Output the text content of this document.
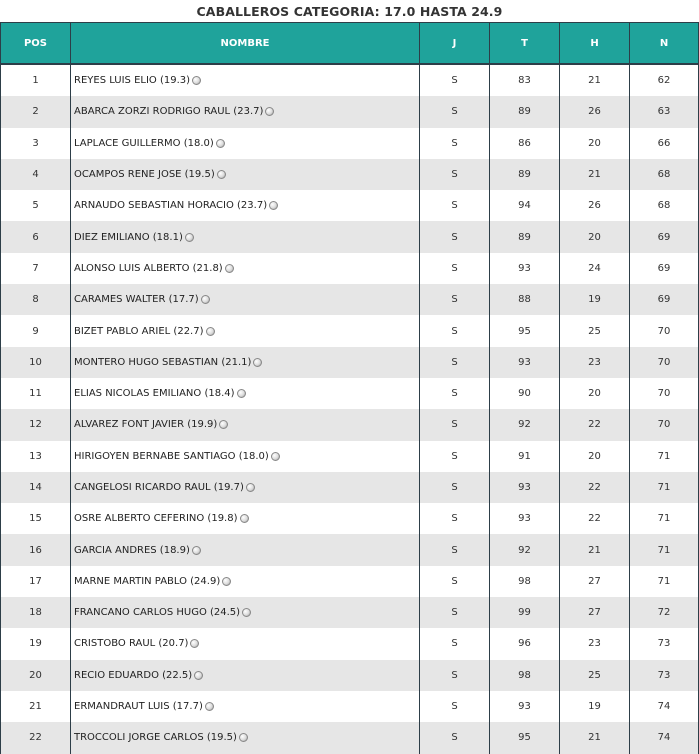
CABALLEROS CATEGORIA: 17.0 HASTA 24.9
POS	NOMBRE	J	T	H	N
1	REYES LUIS ELIO (19.3)	S	83	21	62
2	ABARCA ZORZI RODRIGO RAUL (23.7)	S	89	26	63
3	LAPLACE GUILLERMO (18.0)	S	86	20	66
4	OCAMPOS RENE JOSE (19.5)	S	89	21	68
5	ARNAUDO SEBASTIAN HORACIO (23.7)	S	94	26	68
6	DIEZ EMILIANO (18.1)	S	89	20	69
7	ALONSO LUIS ALBERTO (21.8)	S	93	24	69
8	CARAMES WALTER (17.7)	S	88	19	69
9	BIZET PABLO ARIEL (22.7)	S	95	25	70
10	MONTERO HUGO SEBASTIAN (21.1)	S	93	23	70
11	ELIAS NICOLAS EMILIANO (18.4)	S	90	20	70
12	ALVAREZ FONT JAVIER (19.9)	S	92	22	70
13	HIRIGOYEN BERNABE SANTIAGO (18.0)	S	91	20	71
14	CANGELOSI RICARDO RAUL (19.7)	S	93	22	71
15	OSRE ALBERTO CEFERINO (19.8)	S	93	22	71
16	GARCIA ANDRES (18.9)	S	92	21	71
17	MARNE MARTIN PABLO (24.9)	S	98	27	71
18	FRANCANO CARLOS HUGO (24.5)	S	99	27	72
19	CRISTOBO RAUL (20.7)	S	96	23	73
20	RECIO EDUARDO (22.5)	S	98	25	73
21	ERMANDRAUT LUIS (17.7)	S	93	19	74
22	TROCCOLI JORGE CARLOS (19.5)	S	95	21	74
